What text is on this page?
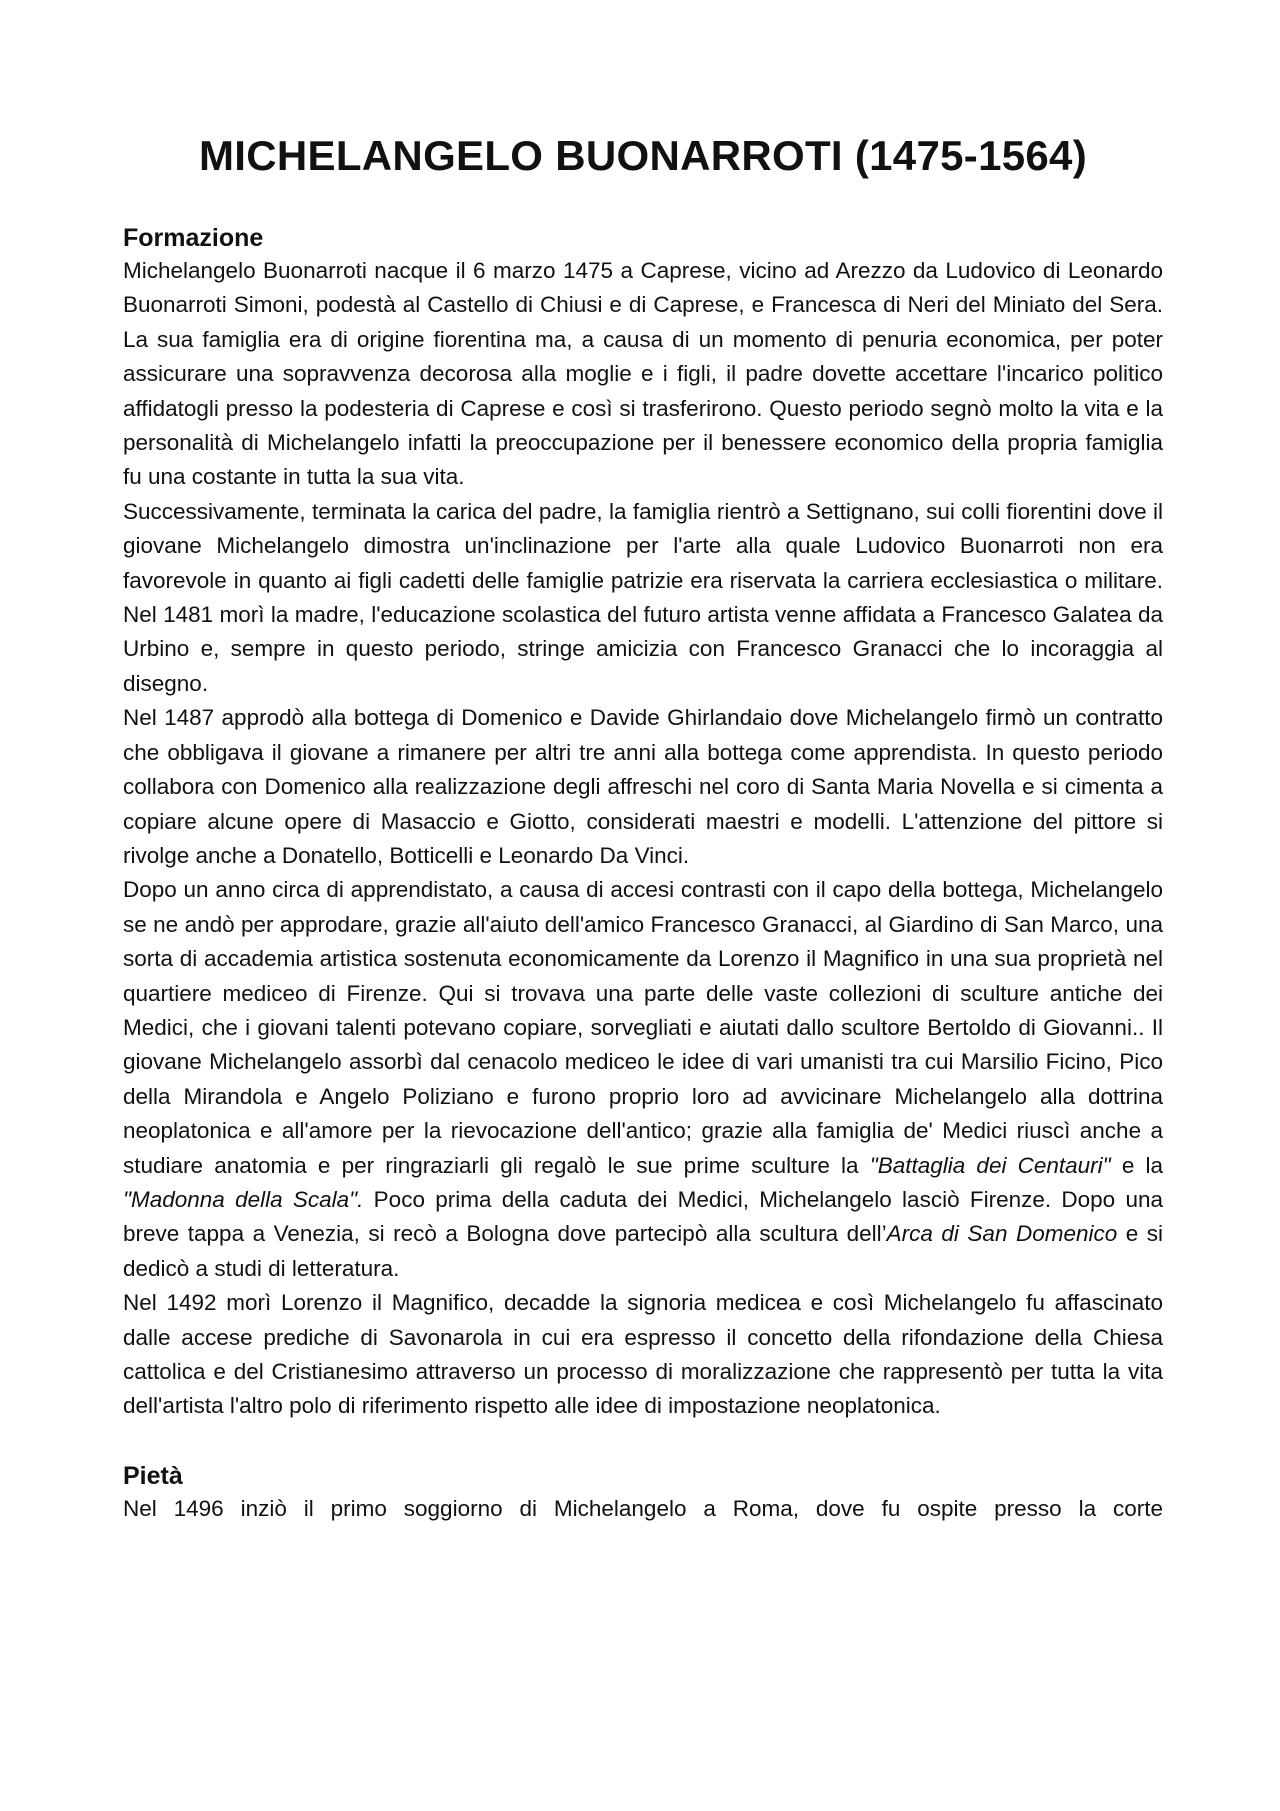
MICHELANGELO BUONARROTI (1475-1564)
Formazione

Michelangelo Buonarroti nacque il 6 marzo 1475 a Caprese, vicino ad Arezzo da Ludovico di Leonardo Buonarroti Simoni, podestà al Castello di Chiusi e di Caprese, e Francesca di Neri del Miniato del Sera. La sua famiglia era di origine fiorentina ma, a causa di un momento di penuria economica, per poter assicurare una sopravvenza decorosa alla moglie e i figli, il padre dovette accettare l'incarico politico affidatogli presso la podesteria di Caprese e così si trasferirono. Questo periodo segnò molto la vita e la personalità di Michelangelo infatti la preoccupazione per il benessere economico della propria famiglia fu una costante in tutta la sua vita.

Successivamente, terminata la carica del padre, la famiglia rientrò a Settignano, sui colli fiorentini dove il giovane Michelangelo dimostra un'inclinazione per l'arte alla quale Ludovico Buonarroti non era favorevole in quanto ai figli cadetti delle famiglie patrizie era riservata la carriera ecclesiastica o militare. Nel 1481 morì la madre, l'educazione scolastica del futuro artista venne affidata a Francesco Galatea da Urbino e, sempre in questo periodo, stringe amicizia con Francesco Granacci che lo incoraggia al disegno.

Nel 1487 approdò alla bottega di Domenico e Davide Ghirlandaio dove Michelangelo firmò un contratto che obbligava il giovane a rimanere per altri tre anni alla bottega come apprendista. In questo periodo collabora con Domenico alla realizzazione degli affreschi nel coro di Santa Maria Novella e si cimenta a copiare alcune opere di Masaccio e Giotto, considerati maestri e modelli. L'attenzione del pittore si rivolge anche a Donatello, Botticelli e Leonardo Da Vinci.

Dopo un anno circa di apprendistato, a causa di accesi contrasti con il capo della bottega, Michelangelo se ne andò per approdare, grazie all'aiuto dell'amico Francesco Granacci, al Giardino di San Marco, una sorta di accademia artistica sostenuta economicamente da Lorenzo il Magnifico in una sua proprietà nel quartiere mediceo di Firenze. Qui si trovava una parte delle vaste collezioni di sculture antiche dei Medici, che i giovani talenti potevano copiare, sorvegliati e aiutati dallo scultore Bertoldo di Giovanni.. Il giovane Michelangelo assorbì dal cenacolo mediceo le idee di vari umanisti tra cui Marsilio Ficino, Pico della Mirandola e Angelo Poliziano e furono proprio loro ad avvicinare Michelangelo alla dottrina neoplatonica e all'amore per la rievocazione dell'antico; grazie alla famiglia de' Medici riuscì anche a studiare anatomia e per ringraziarli gli regalò le sue prime sculture la "Battaglia dei Centauri" e la "Madonna della Scala". Poco prima della caduta dei Medici, Michelangelo lasciò Firenze. Dopo una breve tappa a Venezia, si recò a Bologna dove partecipò alla scultura dell’Arca di San Domenico e si dedicò a studi di letteratura.

Nel 1492 morì Lorenzo il Magnifico, decadde la signoria medicea e così Michelangelo fu affascinato dalle accese prediche di Savonarola in cui era espresso il concetto della rifondazione della Chiesa cattolica e del Cristianesimo attraverso un processo di moralizzazione che rappresentò per tutta la vita dell'artista l'altro polo di riferimento rispetto alle idee di impostazione neoplatonica.

Pietà

Nel 1496 inziò il primo soggiorno di Michelangelo a Roma, dove fu ospite presso la corte
